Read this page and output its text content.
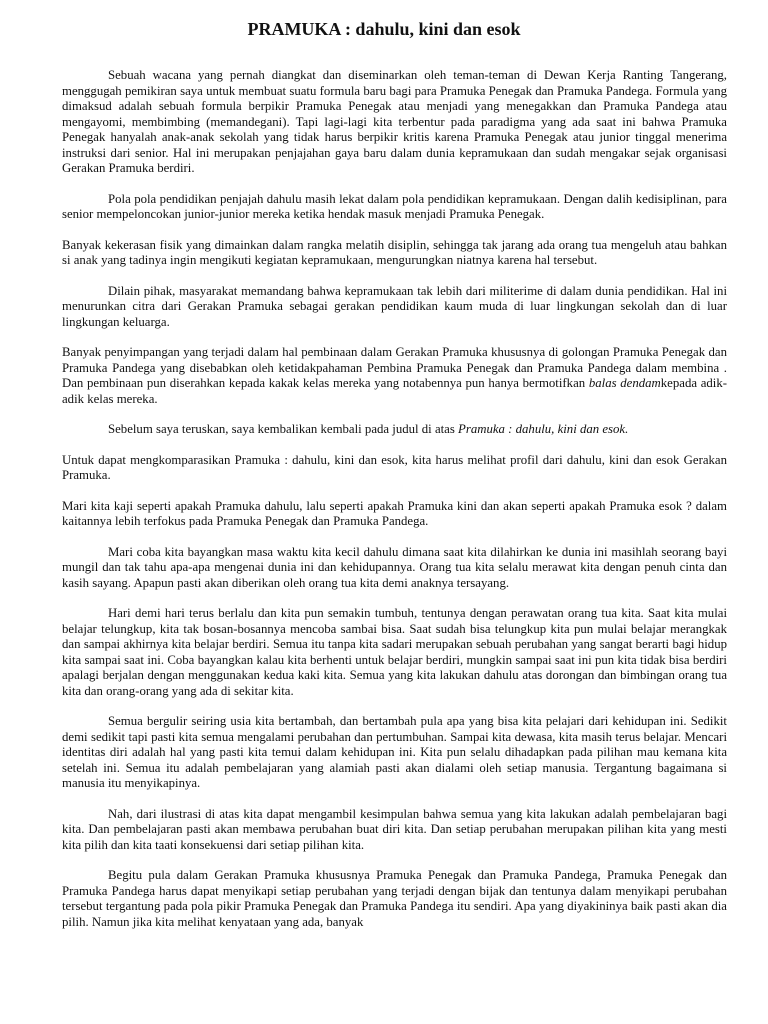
PRAMUKA : dahulu, kini dan esok

Sebuah wacana yang pernah diangkat dan diseminarkan oleh teman-teman di Dewan Kerja Ranting Tangerang, menggugah pemikiran saya untuk membuat suatu formula baru bagi para Pramuka Penegak dan Pramuka Pandega. Formula yang dimaksud adalah sebuah formula berpikir Pramuka Penegak atau menjadi yang menegakkan dan Pramuka Pandega atau mengayomi, membimbing (memandegani). Tapi lagi-lagi kita terbentur pada paradigma yang ada saat ini bahwa Pramuka Penegak hanyalah anak-anak sekolah yang tidak harus berpikir kritis karena Pramuka Penegak atau junior tinggal menerima instruksi dari senior. Hal ini merupakan penjajahan gaya baru dalam dunia kepramukaan dan sudah mengakar sejak organisasi Gerakan Pramuka berdiri.

Pola pola pendidikan penjajah dahulu masih lekat dalam pola pendidikan kepramukaan. Dengan dalih kedisiplinan, para senior mempeloncokan junior-junior mereka ketika hendak masuk menjadi Pramuka Penegak.

Banyak kekerasan fisik yang dimainkan dalam rangka melatih disiplin, sehingga tak jarang ada orang tua mengeluh atau bahkan si anak yang tadinya ingin mengikuti kegiatan kepramukaan, mengurungkan niatnya karena hal tersebut.

Dilain pihak, masyarakat memandang bahwa kepramukaan tak lebih dari militerime di dalam dunia pendidikan. Hal ini menurunkan citra dari Gerakan Pramuka sebagai gerakan pendidikan kaum muda di luar lingkungan sekolah dan di luar lingkungan keluarga.

Banyak penyimpangan yang terjadi dalam hal pembinaan dalam Gerakan Pramuka khususnya di golongan Pramuka Penegak dan Pramuka Pandega yang disebabkan oleh ketidakpahaman Pembina Pramuka Penegak dan Pramuka Pandega dalam membina . Dan pembinaan pun diserahkan kepada kakak kelas mereka yang notabennya pun hanya bermotifkan balas dendamkepada adik-adik kelas mereka.

Sebelum saya teruskan, saya kembalikan kembali pada judul di atas Pramuka : dahulu, kini dan esok.

Untuk dapat mengkomparasikan Pramuka : dahulu, kini dan esok, kita harus melihat profil dari dahulu, kini dan esok Gerakan Pramuka.

Mari kita kaji seperti apakah Pramuka dahulu, lalu seperti apakah Pramuka kini dan akan seperti apakah Pramuka esok ? dalam kaitannya lebih terfokus pada Pramuka Penegak dan Pramuka Pandega.

Mari coba kita bayangkan masa waktu kita kecil dahulu dimana saat kita dilahirkan ke dunia ini masihlah seorang bayi mungil dan tak tahu apa-apa mengenai dunia ini dan kehidupannya. Orang tua kita selalu merawat kita dengan penuh cinta dan kasih sayang. Apapun pasti akan diberikan oleh orang tua kita demi anaknya tersayang.

Hari demi hari terus berlalu dan kita pun semakin tumbuh, tentunya dengan perawatan orang tua kita. Saat kita mulai belajar telungkup, kita tak bosan-bosannya mencoba sambai bisa. Saat sudah bisa telungkup kita pun mulai belajar merangkak dan sampai akhirnya kita belajar berdiri. Semua itu tanpa kita sadari merupakan sebuah perubahan yang sangat berarti bagi hidup kita sampai saat ini. Coba bayangkan kalau kita berhenti untuk belajar berdiri, mungkin sampai saat ini pun kita tidak bisa berdiri apalagi berjalan dengan menggunakan kedua kaki kita. Semua yang kita lakukan dahulu atas dorongan dan bimbingan orang tua kita dan orang-orang yang ada di sekitar kita.

Semua bergulir seiring usia kita bertambah, dan bertambah pula apa yang bisa kita pelajari dari kehidupan ini. Sedikit demi sedikit tapi pasti kita semua mengalami perubahan dan pertumbuhan. Sampai kita dewasa, kita masih terus belajar. Mencari identitas diri adalah hal yang pasti kita temui dalam kehidupan ini. Kita pun selalu dihadapkan pada pilihan mau kemana kita setelah ini. Semua itu adalah pembelajaran yang alamiah pasti akan dialami oleh setiap manusia. Tergantung bagaimana si manusia itu menyikapinya.

Nah, dari ilustrasi di atas kita dapat mengambil kesimpulan bahwa semua yang kita lakukan adalah pembelajaran bagi kita. Dan pembelajaran pasti akan membawa perubahan buat diri kita. Dan setiap perubahan merupakan pilihan kita yang mesti kita pilih dan kita taati konsekuensi dari setiap pilihan kita.

Begitu pula dalam Gerakan Pramuka khususnya Pramuka Penegak dan Pramuka Pandega, Pramuka Penegak dan Pramuka Pandega harus dapat menyikapi setiap perubahan yang terjadi dengan bijak dan tentunya dalam menyikapi perubahan tersebut tergantung pada pola pikir Pramuka Penegak dan Pramuka Pandega itu sendiri. Apa yang diyakininya baik pasti akan dia pilih. Namun jika kita melihat kenyataan yang ada, banyak
